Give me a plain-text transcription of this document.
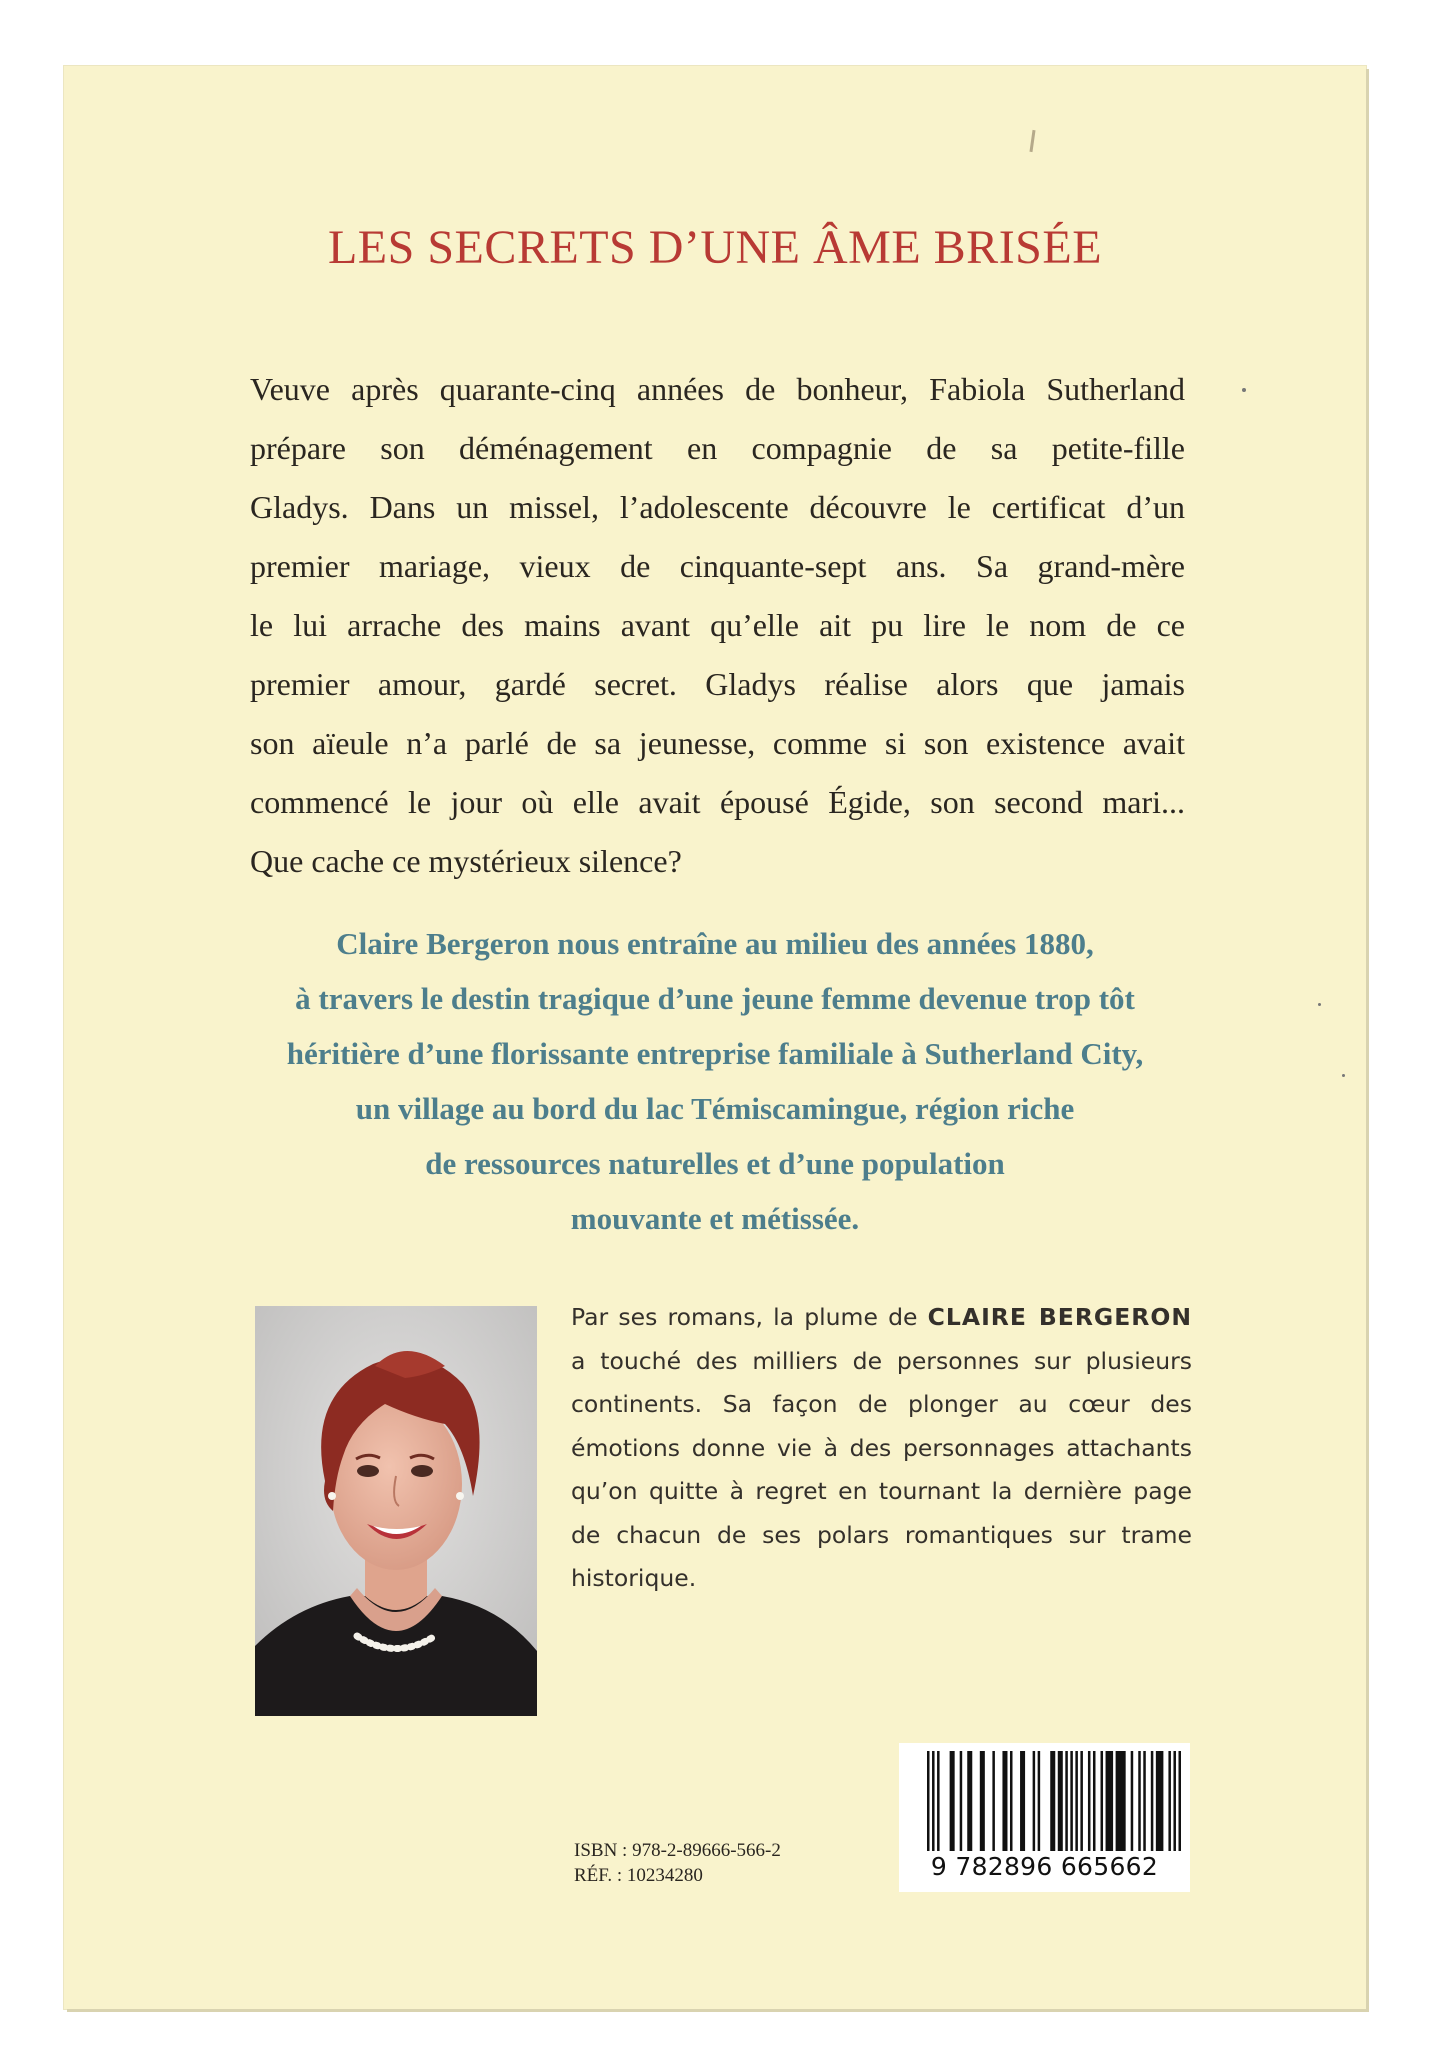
LES SECRETS D’UNE ÂME BRISÉE

Veuve après quarante-cinq années de bonheur, Fabiola Sutherland
prépare son déménagement en compagnie de sa petite-fille
Gladys. Dans un missel, l’adolescente découvre le certificat d’un
premier mariage, vieux de cinquante-sept ans. Sa grand-mère
le lui arrache des mains avant qu’elle ait pu lire le nom de ce
premier amour, gardé secret. Gladys réalise alors que jamais
son aïeule n’a parlé de sa jeunesse, comme si son existence avait
commencé le jour où elle avait épousé Égide, son second mari...
Que cache ce mystérieux silence?

Claire Bergeron nous entraîne au milieu des années 1880,
à travers le destin tragique d’une jeune femme devenue trop tôt
héritière d’une florissante entreprise familiale à Sutherland City,
un village au bord du lac Témiscamingue, région riche
de ressources naturelles et d’une population
mouvante et métissée.

Par ses romans, la plume de CLAIRE BERGERON
a touché des milliers de personnes sur plusieurs
continents. Sa façon de plonger au cœur des
émotions donne vie à des personnages attachants
qu’on quitte à regret en tournant la dernière page
de chacun de ses polars romantiques sur trame
historique.

ISBN : 978-2-89666-566-2
RÉF. : 10234280	9 782896 665662
